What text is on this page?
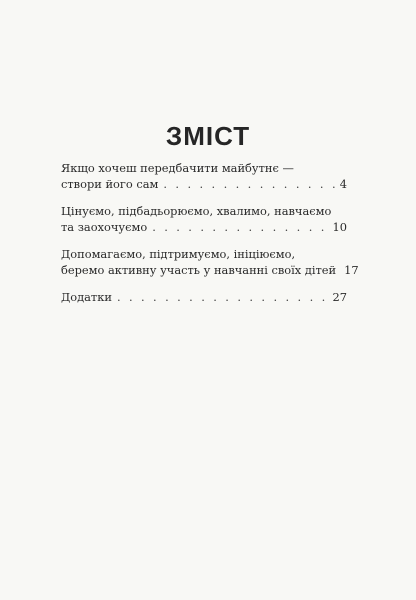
ЗМІСТ
Якщо хочеш передбачити майбутнє —
створи його сам . . .	4
Цінуємо, підбадьорюємо, хвалимо, навчаємо
та заохочуємо . . .	10
Допомагаємо, підтримуємо, ініціюємо,
беремо активну участь у навчанні своїх дітей 17
Додатки . . .	27
